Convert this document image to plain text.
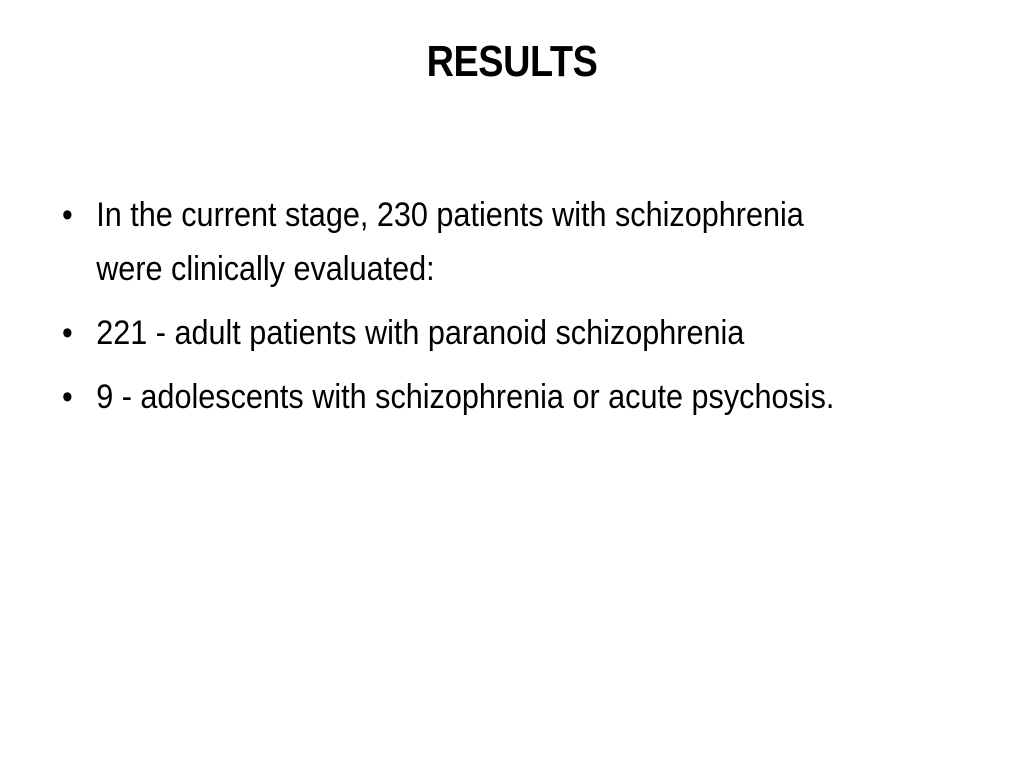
RESULTS
• In the current stage, 230 patients with schizophrenia were clinically evaluated:
• 221 - adult patients with paranoid schizophrenia
• 9 - adolescents with schizophrenia or acute psychosis.
